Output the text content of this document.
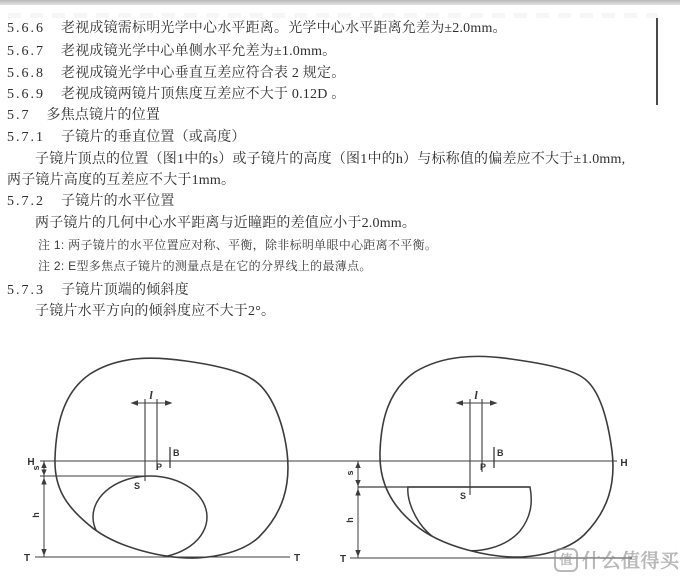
5.6.6 老视成镜需标明光学中心水平距离。光学中心水平距离允差为±2.0mm。
5.6.7 老视成镜光学中心单侧水平允差为±1.0mm。
5.6.8 老视成镜光学中心垂直互差应符合表 2 规定。
5.6.9 老视成镜两镜片顶焦度互差应不大于 0.12D 。
5.7 多焦点镜片的位置
5.7.1 子镜片的垂直位置（或高度）
子镜片顶点的位置（图1中的s）或子镜片的高度（图1中的h）与标称值的偏差应不大于±1.0mm,
两子镜片高度的互差应不大于1mm。
5.7.2 子镜片的水平位置
两子镜片的几何中心水平距离与近瞳距的差值应小于2.0mm。
注 1: 两子镜片的水平位置应对称、平衡，除非标明单眼中心距离不平衡。
注 2: E型多焦点子镜片的测量点是在它的分界线上的最薄点。
5.7.3 子镜片顶端的倾斜度
子镜片水平方向的倾斜度应不大于2°。
H	H
T	T
s
h
l
B
P
S
T
s
h
l
B
P
S
值 什么值得买
